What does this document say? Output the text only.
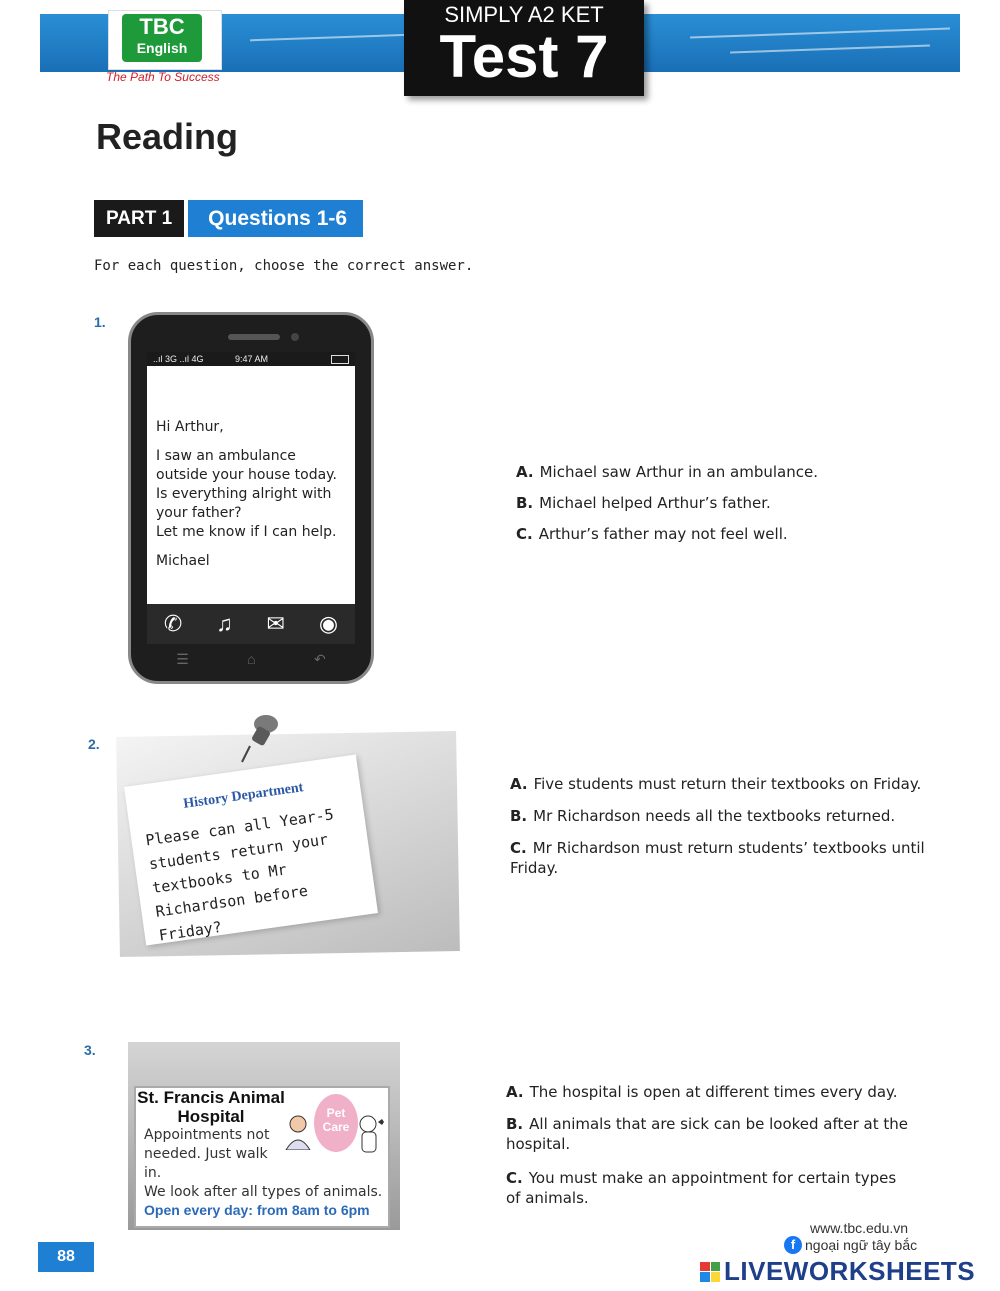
TBC
English
The Path To Success
SIMPLY A2 KET
Test 7
Reading
PART 1	Questions 1-6
For each question, choose the correct answer.
1.
..ıl 3G ..ıl 4G	9:47 AM

Hi Arthur,

I saw an ambulance outside your house today.

Is everything alright with your father?

Let me know if I can help.

Michael

✆ ♫ ✉ ◉
☰	⌂	↶
A. Michael saw Arthur in an ambulance.
B. Michael helped Arthur’s father.
C. Arthur’s father may not feel well.
2.
History Department
Please can all Year-5 students return your textbooks to Mr Richardson before Friday?
A. Five students must return their textbooks on Friday.
B. Mr Richardson needs all the textbooks returned.
C. Mr Richardson must return students’ textbooks until Friday.
3.
St. Francis Animal Hospital
Appointments not needed. Just walk in.
We look after all types of animals.
Open every day: from 8am to 6pm
Pet Care
A. The hospital is open at different times every day.
B. All animals that are sick can be looked after at the hospital.
C. You must make an appointment for certain types of animals.
88
www.tbc.edu.vn
f ngoại ngữ tây bắc
LIVEWORKSHEETS
